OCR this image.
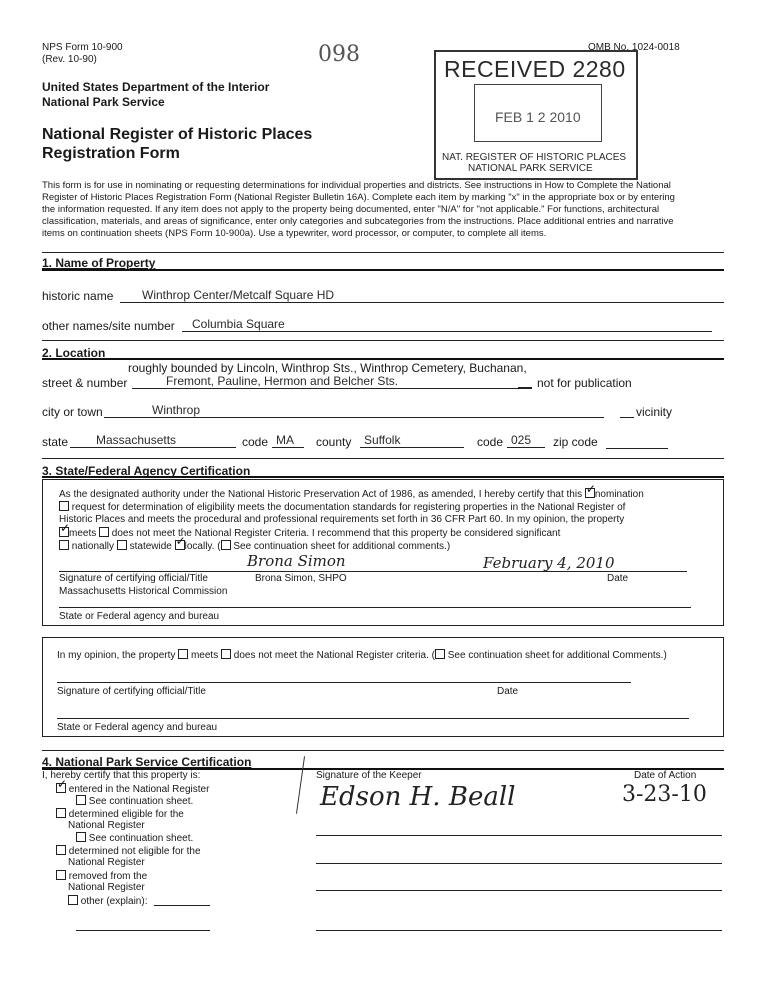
NPS Form 10-900
(Rev. 10-90)
OMB No. 1024-0018
098
United States Department of the Interior
National Park Service
National Register of Historic Places
Registration Form
RECEIVED 2280
FEB 1 2 2010
NAT. REGISTER OF HISTORIC PLACES
NATIONAL PARK SERVICE
This form is for use in nominating or requesting determinations for individual properties and districts. See instructions in How to Complete the National
Register of Historic Places Registration Form (National Register Bulletin 16A). Complete each item by marking "x" in the appropriate box or by entering
the information requested. If any item does not apply to the property being documented, enter "N/A" for "not applicable." For functions, architectural
classification, materials, and areas of significance, enter only categories and subcategories from the instructions. Place additional entries and narrative
items on continuation sheets (NPS Form 10-900a). Use a typewriter, word processor, or computer, to complete all items.
1. Name of Property
historic name	Winthrop Center/Metcalf Square HD
other names/site number	Columbia Square
2. Location
roughly bounded by Lincoln, Winthrop Sts., Winthrop Cemetery, Buchanan,
street & number	Fremont, Pauline, Hermon and Belcher Sts.	not for publication
city or town	Winthrop	vicinity
state	Massachusetts	code MA	county	Suffolk	code 025	zip code
3. State/Federal Agency Certification
As the designated authority under the National Historic Preservation Act of 1986, as amended, I hereby certify that this ✓ nomination
request for determination of eligibility meets the documentation standards for registering properties in the National Register of
Historic Places and meets the procedural and professional requirements set forth in 36 CFR Part 60. In my opinion, the property
✓meets does not meet the National Register Criteria. I recommend that this property be considered significant
nationally statewide ✓ locally. ( See continuation sheet for additional comments.)
Brona Simon	February 4, 2010
Signature of certifying official/Title	Brona Simon, SHPO	Date
Massachusetts Historical Commission
State or Federal agency and bureau
In my opinion, the property meets does not meet the National Register criteria. ( See continuation sheet for additional Comments.)
Signature of certifying official/Title	Date
State or Federal agency and bureau
4. National Park Service Certification
I, hereby certify that this property is:
✓ entered in the National Register
See continuation sheet.
determined eligible for the
National Register
See continuation sheet.
determined not eligible for the
National Register
removed from the
National Register
other (explain):
Signature of the Keeper	Date of Action
Edson H. Beall	3-23-10
